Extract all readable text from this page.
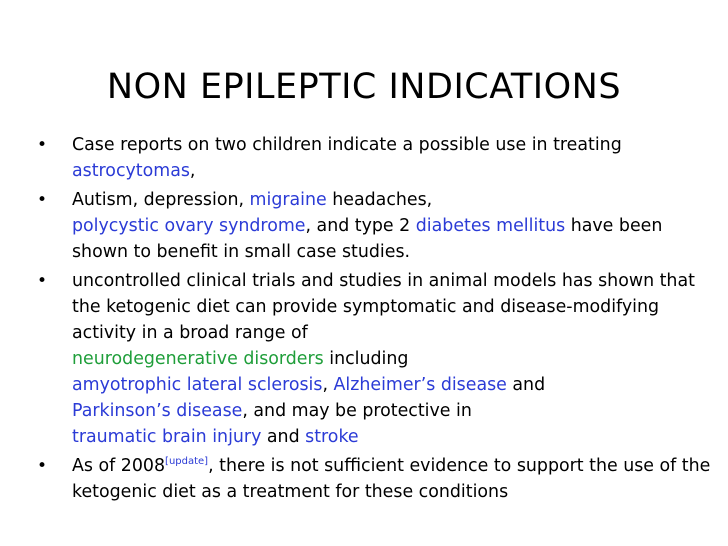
NON EPILEPTIC INDICATIONS
• Case reports on two children indicate a possible use in treating
astrocytomas,
• Autism, depression, migraine headaches,
polycystic ovary syndrome, and type 2 diabetes mellitus have been shown to benefit in small case studies.
• uncontrolled clinical trials and studies in animal models has shown that the ketogenic diet can provide symptomatic and disease-modifying activity in a broad range of
neurodegenerative disorders including
amyotrophic lateral sclerosis, Alzheimer’s disease and
Parkinson’s disease, and may be protective in
traumatic brain injury and stroke
• As of 2008[update], there is not sufficient evidence to support the use of the ketogenic diet as a treatment for these conditions
